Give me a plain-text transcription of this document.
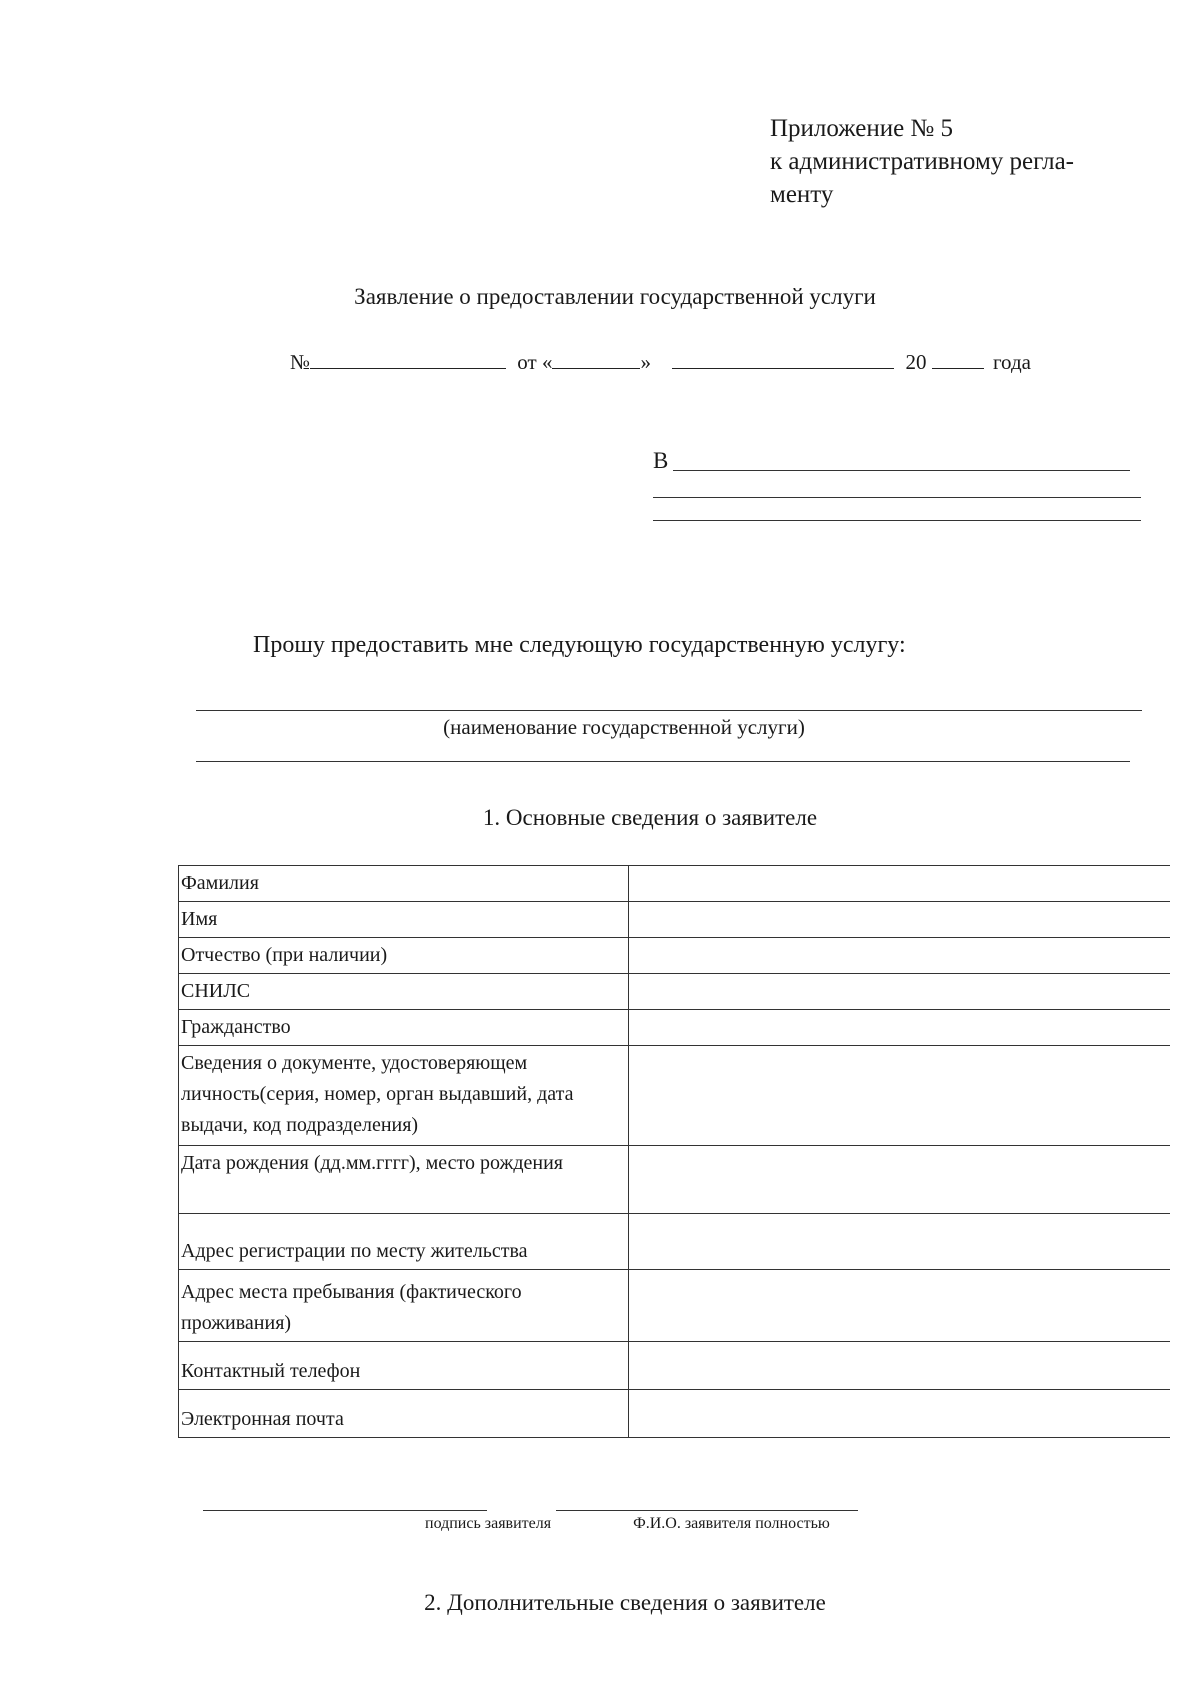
Приложение № 5
к административному регла-
менту
Заявление о предоставлении государственной услуги
№	от «	»	20	года
В
Прошу предоставить мне следующую государственную услугу:
(наименование государственной услуги)
1. Основные сведения о заявителе
Фамилия	
Имя	
Отчество (при наличии)	
СНИЛС	
Гражданство	
Сведения о документе, удостоверяющем личность(серия, номер, орган выдавший, дата выдачи, код подразделения)	
Дата рождения (дд.мм.гггг), место рождения	
Адрес регистрации по месту жительства	
Адрес места пребывания (фактического проживания)	
Контактный телефон	
Электронная почта	
подпись заявителя	Ф.И.О. заявителя полностью
2. Дополнительные сведения о заявителе
